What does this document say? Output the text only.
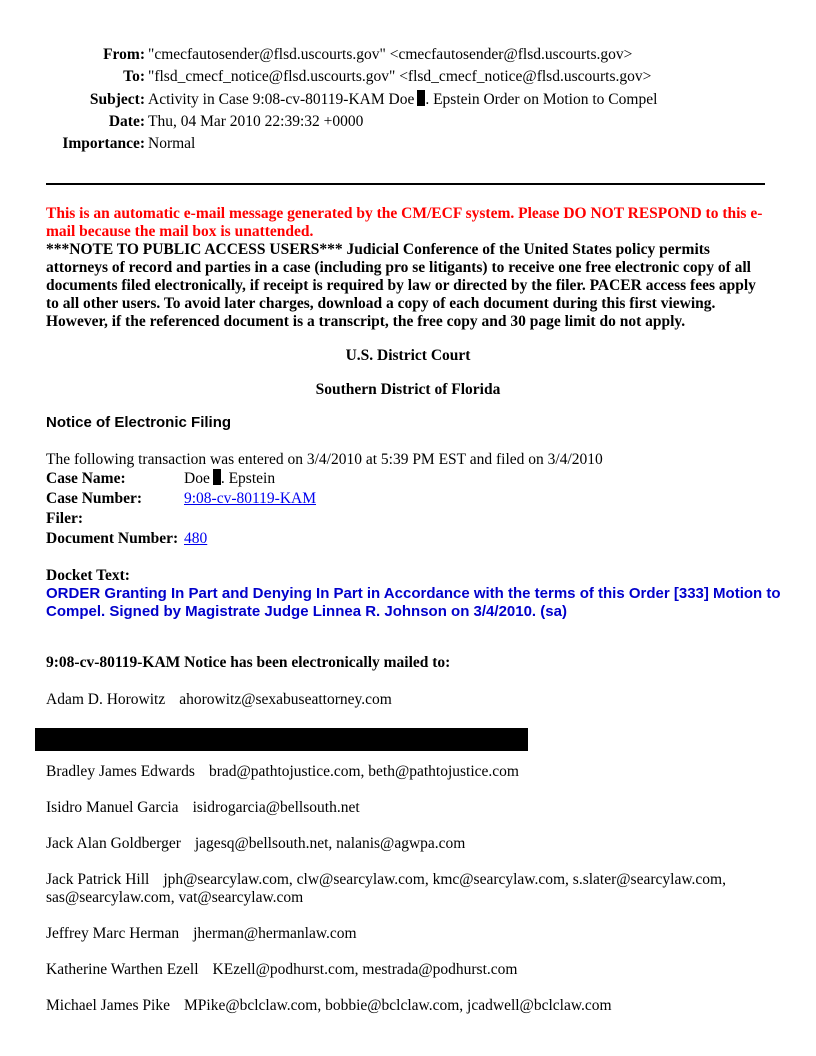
From: "cmecfautosender@flsd.uscourts.gov" <cmecfautosender@flsd.uscourts.gov>
To: "flsd_cmecf_notice@flsd.uscourts.gov" <flsd_cmecf_notice@flsd.uscourts.gov>
Subject: Activity in Case 9:08-cv-80119-KAM Doe . Epstein Order on Motion to Compel
Date: Thu, 04 Mar 2010 22:39:32 +0000
Importance: Normal
This is an automatic e-mail message generated by the CM/ECF system. Please DO NOT RESPOND to this e-mail because the mail box is unattended.
***NOTE TO PUBLIC ACCESS USERS*** Judicial Conference of the United States policy permits attorneys of record and parties in a case (including pro se litigants) to receive one free electronic copy of all documents filed electronically, if receipt is required by law or directed by the filer. PACER access fees apply to all other users. To avoid later charges, download a copy of each document during this first viewing. However, if the referenced document is a transcript, the free copy and 30 page limit do not apply.
U.S. District Court
Southern District of Florida
Notice of Electronic Filing
The following transaction was entered on 3/4/2010 at 5:39 PM EST and filed on 3/4/2010
Case Name:	Doe . Epstein
Case Number:	9:08-cv-80119-KAM
Filer:
Document Number: 480
Docket Text:
ORDER Granting In Part and Denying In Part in Accordance with the terms of this Order [333] Motion to Compel. Signed by Magistrate Judge Linnea R. Johnson on 3/4/2010. (sa)
9:08-cv-80119-KAM Notice has been electronically mailed to:
Adam D. Horowitz ahorowitz@sexabuseattorney.com
Bradley James Edwards brad@pathtojustice.com, beth@pathtojustice.com
Isidro Manuel Garcia isidrogarcia@bellsouth.net
Jack Alan Goldberger jagesq@bellsouth.net, nalanis@agwpa.com
Jack Patrick Hill jph@searcylaw.com, clw@searcylaw.com, kmc@searcylaw.com, s.slater@searcylaw.com, sas@searcylaw.com, vat@searcylaw.com
Jeffrey Marc Herman jherman@hermanlaw.com
Katherine Warthen Ezell KEzell@podhurst.com, mestrada@podhurst.com
Michael James Pike MPike@bclclaw.com, bobbie@bclclaw.com, jcadwell@bclclaw.com
